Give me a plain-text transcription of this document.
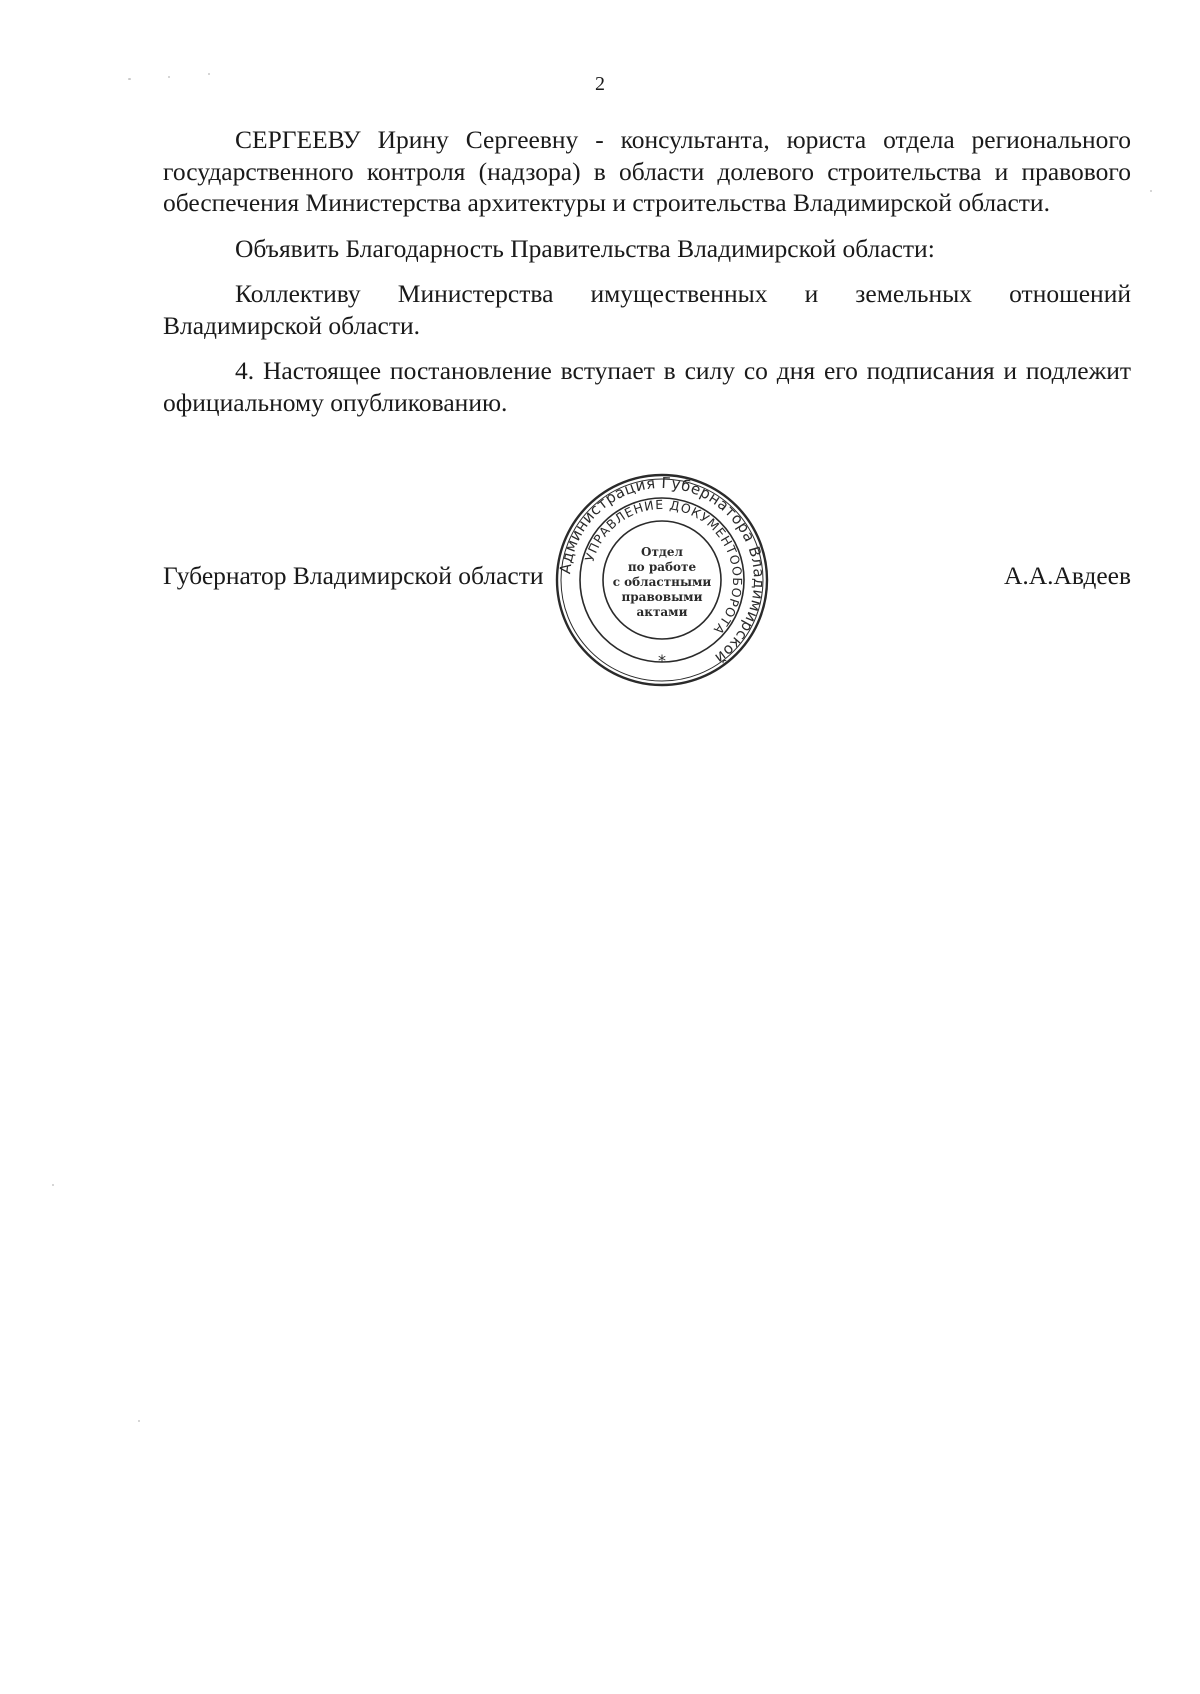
2

СЕРГЕЕВУ Ирину Сергеевну - консультанта, юриста отдела регионального государственного контроля (надзора) в области долевого строительства и правового обеспечения Министерства архитектуры и строительства Владимирской области.

Объявить Благодарность Правительства Владимирской области:

Коллективу Министерства имущественных и земельных отношений Владимирской области.

4. Настоящее постановление вступает в силу со дня его подписания и подлежит официальному опубликованию.

Губернатор Владимирской области	А.А.Авдеев
Администрация Губернатора Владимирской
УПРАВЛЕНИЕ ДОКУМЕНТООБОРОТА
Отдел
по работе
с областными
правовыми
актами
*
